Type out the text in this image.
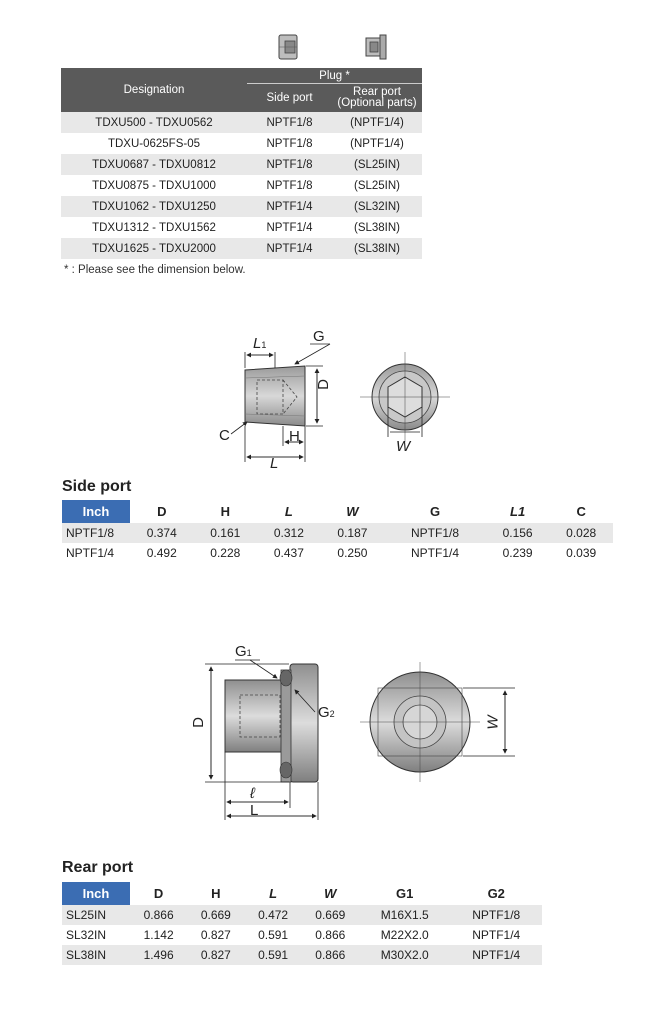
Designation	Plug *	
	Side port	Rear port
(Optional parts)
TDXU500 - TDXU0562	NPTF1/8	(NPTF1/4)
TDXU-0625FS-05	NPTF1/8	(NPTF1/4)
TDXU0687 - TDXU0812	NPTF1/8	(SL25IN)
TDXU0875 - TDXU1000	NPTF1/8	(SL25IN)
TDXU1062 - TDXU1250	NPTF1/4	(SL32IN)
TDXU1312 - TDXU1562	NPTF1/4	(SL38IN)
TDXU1625 - TDXU2000	NPTF1/4	(SL38IN)
* : Please see the dimension below.
L1	G
D
C	H
L
W
Side port
Inch	D	H	L	W	G	L1	C
NPTF1/8	0.374	0.161	0.312	0.187	NPTF1/8	0.156	0.028
NPTF1/4	0.492	0.228	0.437	0.250	NPTF1/4	0.239	0.039
G1
G2
D
ℓ
L
W
Rear port
Inch	D	H	L	W	G1	G2
SL25IN	0.866	0.669	0.472	0.669	M16X1.5	NPTF1/8
SL32IN	1.142	0.827	0.591	0.866	M22X2.0	NPTF1/4
SL38IN	1.496	0.827	0.591	0.866	M30X2.0	NPTF1/4
